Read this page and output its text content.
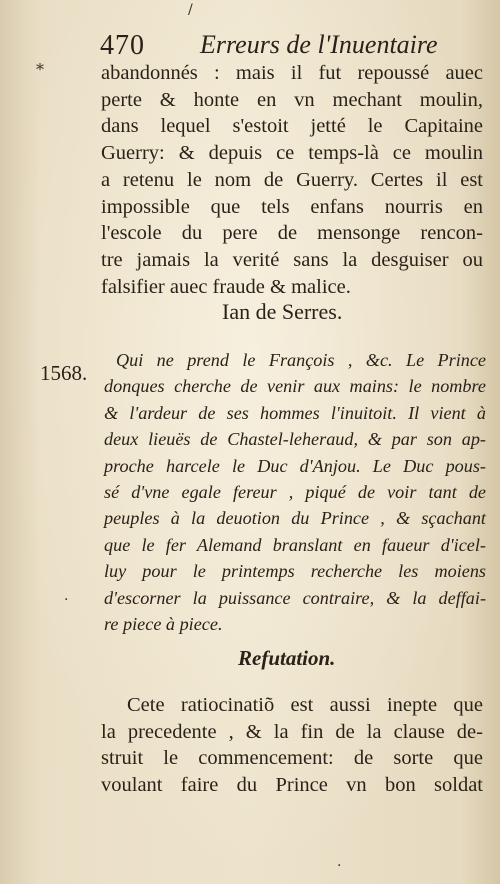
/
*
·
·
470 Erreurs de l'Inuentaire
abandonnés : mais il fut repoussé auec
perte & honte en vn mechant moulin,
dans lequel s'estoit jetté le Capitaine
Guerry: & depuis ce temps-là ce moulin
a retenu le nom de Guerry. Certes il est
impossible que tels enfans nourris en
l'escole du pere de mensonge rencon-
tre jamais la verité sans la desguiser ou
falsifier auec fraude & malice.
Ian de Serres.
1568.
Qui ne prend le François , &c. Le Prince
donques cherche de venir aux mains: le nombre
& l'ardeur de ses hommes l'inuitoit. Il vient à
deux lieuës de Chastel-leheraud, & par son ap-
proche harcele le Duc d'Anjou. Le Duc pous-
sé d'vne egale fereur , piqué de voir tant de
peuples à la deuotion du Prince , & sçachant
que le fer Alemand branslant en faueur d'icel-
luy pour le printemps recherche les moiens
d'escorner la puissance contraire, & la deffai-
re piece à piece.
Refutation.
Cete ratiocinatiõ est aussi inepte que
la precedente , & la fin de la clause de-
struit le commencement: de sorte que
voulant faire du Prince vn bon soldat
